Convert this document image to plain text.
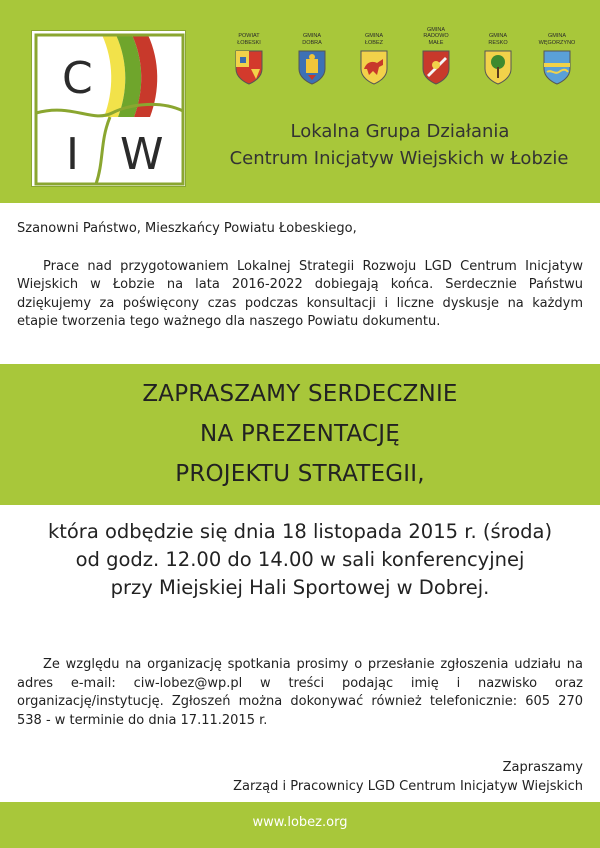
C
I W
POWIAT
ŁOBESKI
GMINA
DOBRA
GMINA
ŁOBEZ
GMINA
RADOWO
MAŁE
GMINA
RESKO
GMINA
WĘGORZYNO
Lokalna Grupa Działania
Centrum Inicjatyw Wiejskich w Łobzie

Szanowni Państwo, Mieszkańcy Powiatu Łobeskiego,

Prace nad przygotowaniem Lokalnej Strategii Rozwoju LGD Centrum Inicjatyw Wiejskich w Łobzie na lata 2016-2022 dobiegają końca. Serdecznie Państwu dziękujemy za poświęcony czas podczas konsultacji i liczne dyskusje na każdym etapie tworzenia tego ważnego dla naszego Powiatu dokumentu.

ZAPRASZAMY SERDECZNIE
NA PREZENTACJĘ
PROJEKTU STRATEGII,
która odbędzie się dnia 18 listopada 2015 r. (środa)
od godz. 12.00 do 14.00 w sali konferencyjnej
przy Miejskiej Hali Sportowej w Dobrej.

Ze względu na organizację spotkania prosimy o przesłanie zgłoszenia udziału na adres e-mail: ciw-lobez@wp.pl w treści podając imię i nazwisko oraz organizację/instytucję. Zgłoszeń można dokonywać również telefonicznie: 605 270 538 - w terminie do dnia 17.11.2015 r.

Zapraszamy
Zarząd i Pracownicy LGD Centrum Inicjatyw Wiejskich
www.lobez.org
